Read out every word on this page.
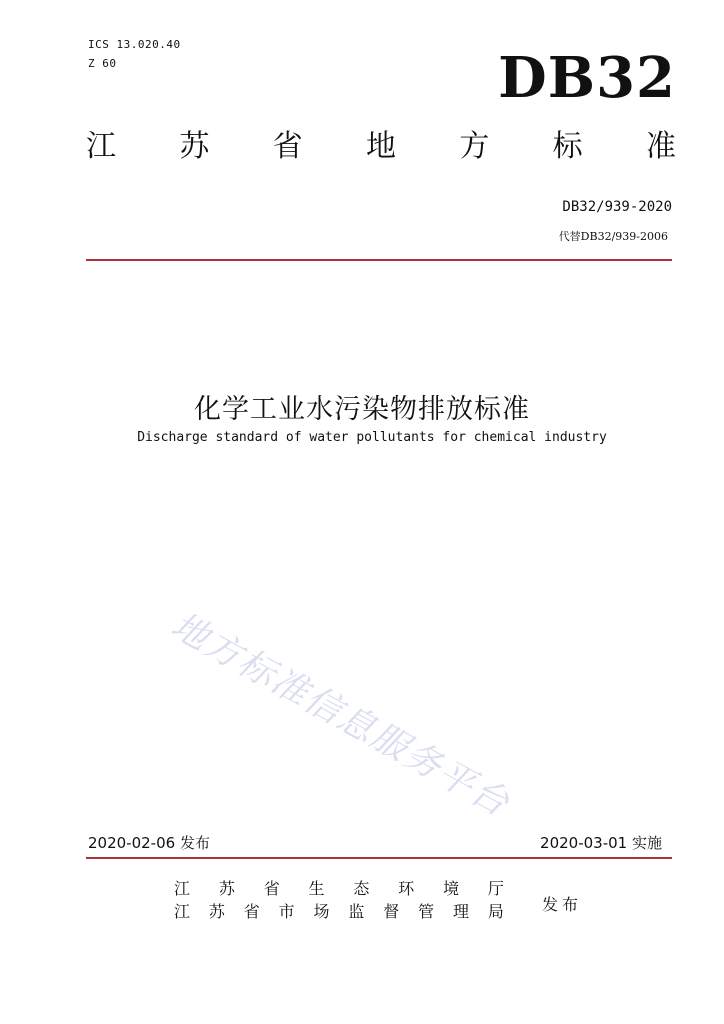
ICS 13.020.40
Z 60	DB32
江 苏 省 地 方 标 准
DB32/939-2020
代替DB32/939-2006
化学工业水污染物排放标准
Discharge standard of water pollutants for chemical industry
地方标准信息服务平台
2020-02-06 发布	2020-03-01 实施
江 苏 省 生 态 环 境 厅
江 苏 省 市 场 监 督 管 理 局 发布
